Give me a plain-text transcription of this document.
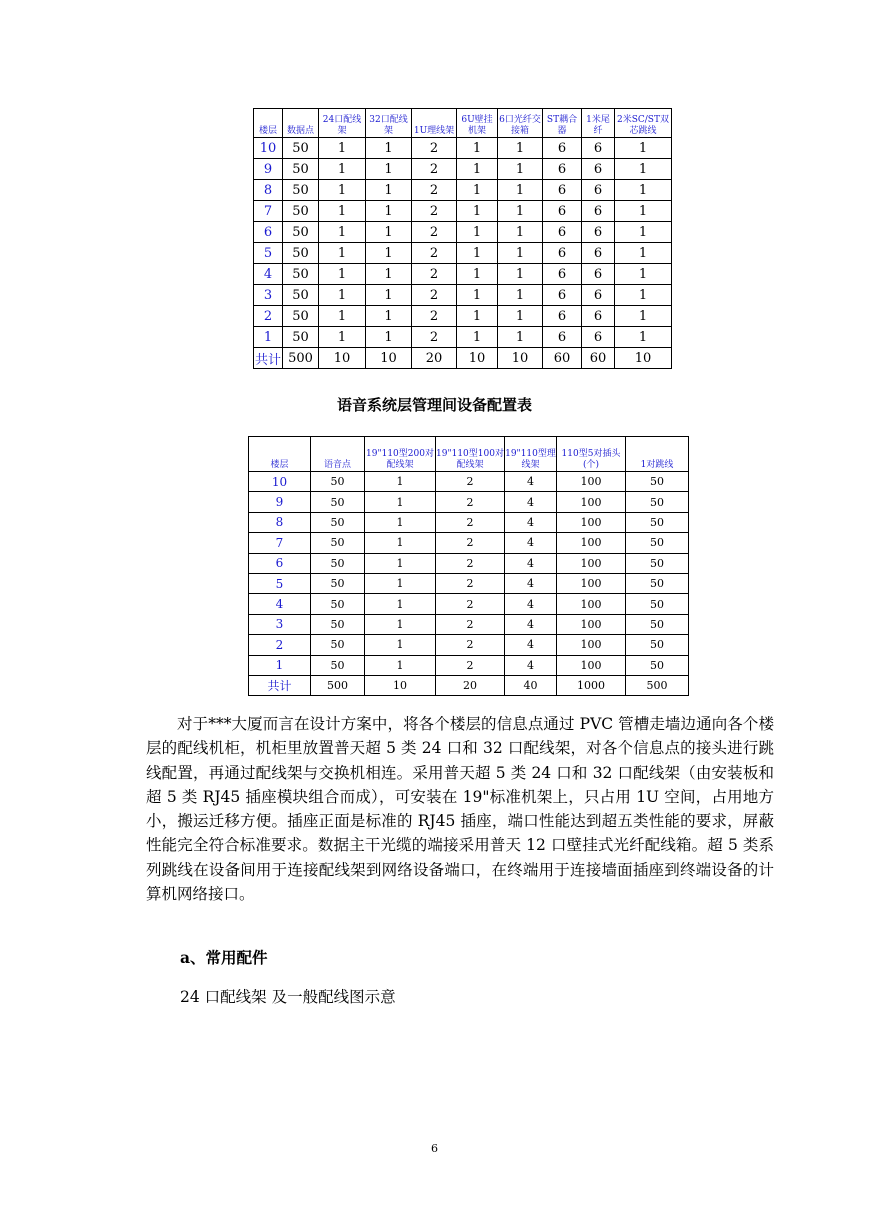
楼层	数据点	24口配线架	32口配线架	1U理线架	6U壁挂机架	6口光纤交接箱	ST耦合器	1米尾纤	2米SC/ST双芯跳线
10	50	1	1	2	1	1	6	6	1
9	50	1	1	2	1	1	6	6	1
8	50	1	1	2	1	1	6	6	1
7	50	1	1	2	1	1	6	6	1
6	50	1	1	2	1	1	6	6	1
5	50	1	1	2	1	1	6	6	1
4	50	1	1	2	1	1	6	6	1
3	50	1	1	2	1	1	6	6	1
2	50	1	1	2	1	1	6	6	1
1	50	1	1	2	1	1	6	6	1
共计	500	10	10	20	10	10	60	60	10
语音系统层管理间设备配置表
楼层	语音点	19"110型200对配线架	19"110型100对配线架	19"110型理线架	110型5对插头(个)	1对跳线
10	50	1	2	4	100	50
9	50	1	2	4	100	50
8	50	1	2	4	100	50
7	50	1	2	4	100	50
6	50	1	2	4	100	50
5	50	1	2	4	100	50
4	50	1	2	4	100	50
3	50	1	2	4	100	50
2	50	1	2	4	100	50
1	50	1	2	4	100	50
共计	500	10	20	40	1000	500

对于***大厦而言在设计方案中，将各个楼层的信息点通过 PVC 管槽走墙边通向各个楼层的配线机柜，机柜里放置普天超 5 类 24 口和 32 口配线架，对各个信息点的接头进行跳线配置，再通过配线架与交换机相连。采用普天超 5 类 24 口和 32 口配线架（由安装板和超 5 类 RJ45 插座模块组合而成），可安装在 19"标准机架上，只占用 1U 空间，占用地方小，搬运迁移方便。插座正面是标准的 RJ45 插座，端口性能达到超五类性能的要求，屏蔽性能完全符合标准要求。数据主干光缆的端接采用普天 12 口壁挂式光纤配线箱。超 5 类系列跳线在设备间用于连接配线架到网络设备端口，在终端用于连接墙面插座到终端设备的计算机网络接口。

a、常用配件
24 口配线架 及一般配线图示意
6
